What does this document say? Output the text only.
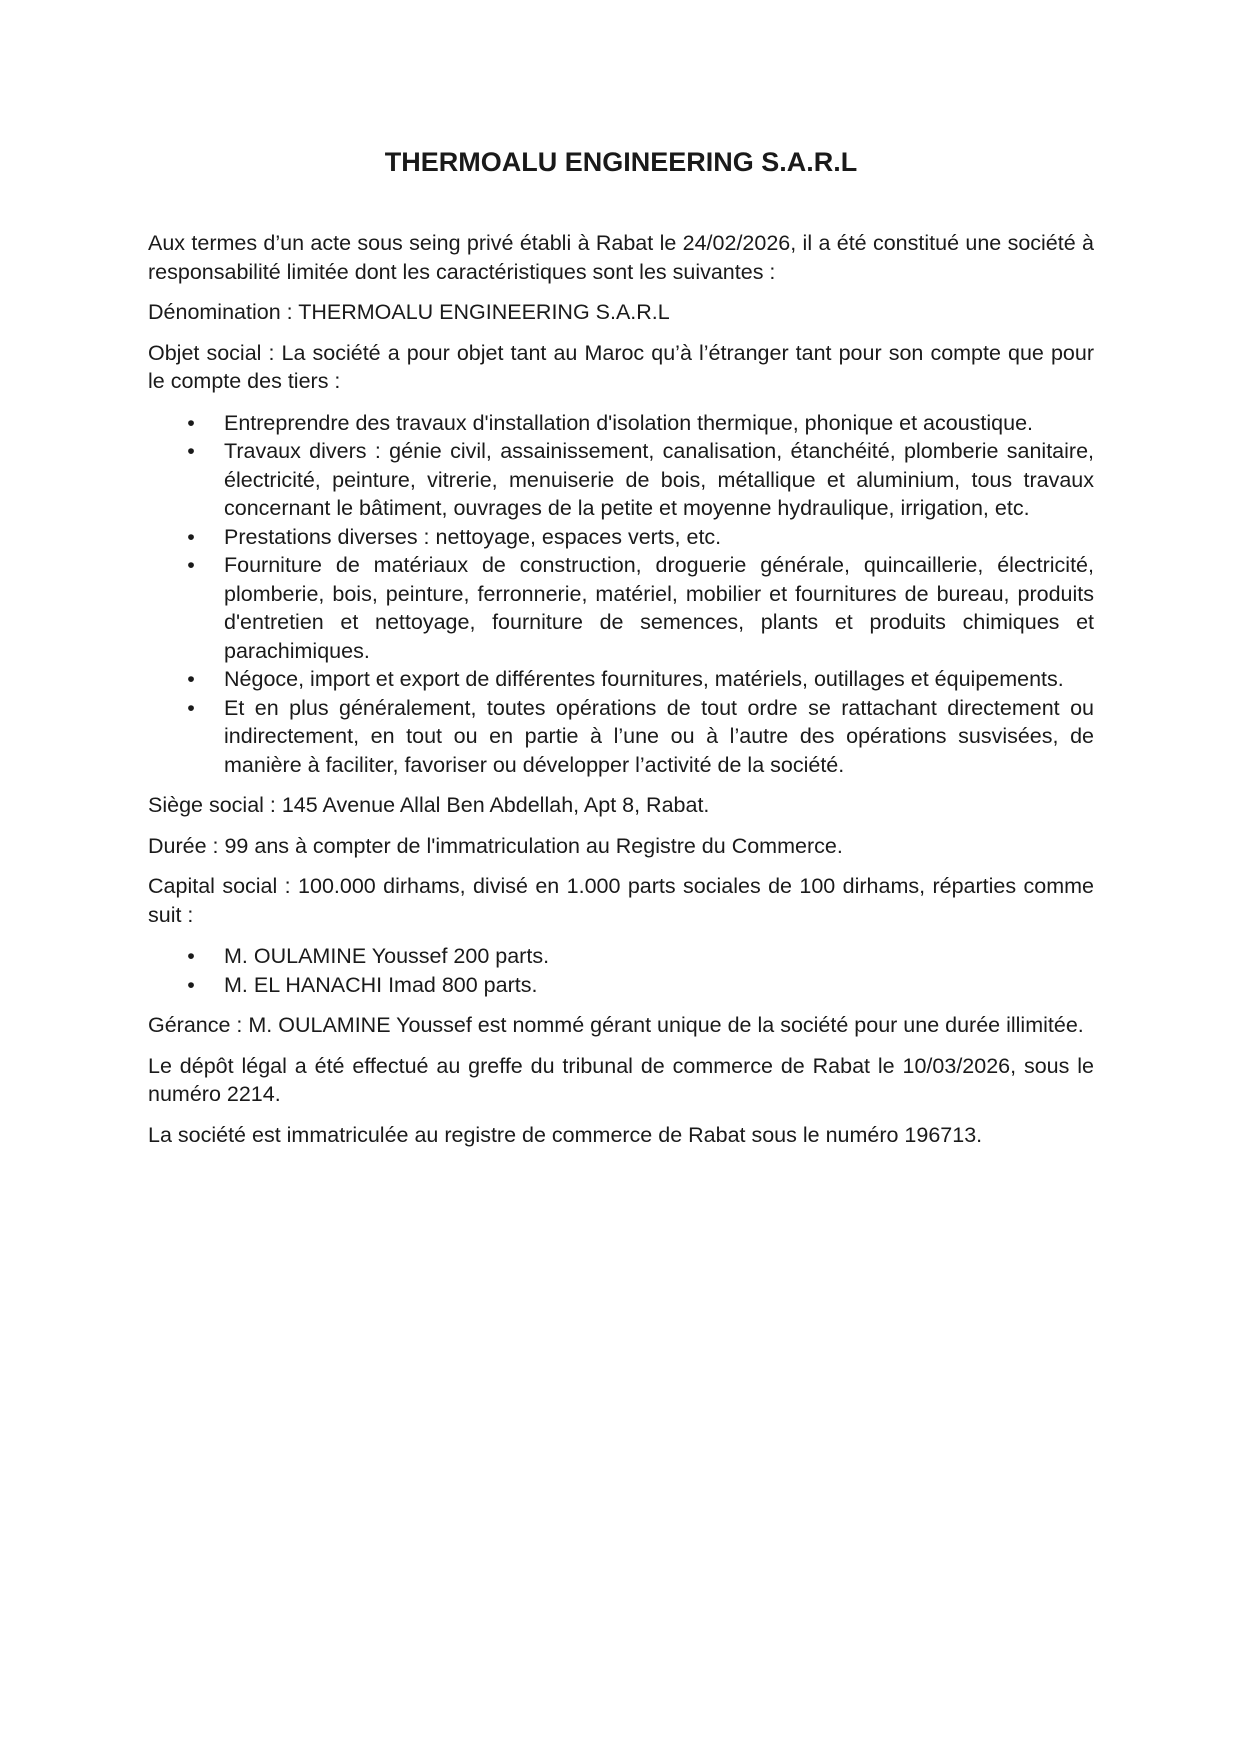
THERMOALU ENGINEERING S.A.R.L

Aux termes d’un acte sous seing privé établi à Rabat le 24/02/2026, il a été constitué une société à responsabilité limitée dont les caractéristiques sont les suivantes :

Dénomination : THERMOALU ENGINEERING S.A.R.L

Objet social : La société a pour objet tant au Maroc qu’à l’étranger tant pour son compte que pour le compte des tiers :

• Entreprendre des travaux d'installation d'isolation thermique, phonique et acoustique.
• Travaux divers : génie civil, assainissement, canalisation, étanchéité, plomberie sanitaire, électricité, peinture, vitrerie, menuiserie de bois, métallique et aluminium, tous travaux concernant le bâtiment, ouvrages de la petite et moyenne hydraulique, irrigation, etc.
• Prestations diverses : nettoyage, espaces verts, etc.
• Fourniture de matériaux de construction, droguerie générale, quincaillerie, électricité, plomberie, bois, peinture, ferronnerie, matériel, mobilier et fournitures de bureau, produits d'entretien et nettoyage, fourniture de semences, plants et produits chimiques et parachimiques.
• Négoce, import et export de différentes fournitures, matériels, outillages et équipements.
• Et en plus généralement, toutes opérations de tout ordre se rattachant directement ou indirectement, en tout ou en partie à l’une ou à l’autre des opérations susvisées, de manière à faciliter, favoriser ou développer l’activité de la société.

Siège social : 145 Avenue Allal Ben Abdellah, Apt 8, Rabat.

Durée : 99 ans à compter de l'immatriculation au Registre du Commerce.

Capital social : 100.000 dirhams, divisé en 1.000 parts sociales de 100 dirhams, réparties comme suit :

• M. OULAMINE Youssef 200 parts.
• M. EL HANACHI Imad 800 parts.

Gérance : M. OULAMINE Youssef est nommé gérant unique de la société pour une durée illimitée.

Le dépôt légal a été effectué au greffe du tribunal de commerce de Rabat le 10/03/2026, sous le numéro 2214.

La société est immatriculée au registre de commerce de Rabat sous le numéro 196713.
